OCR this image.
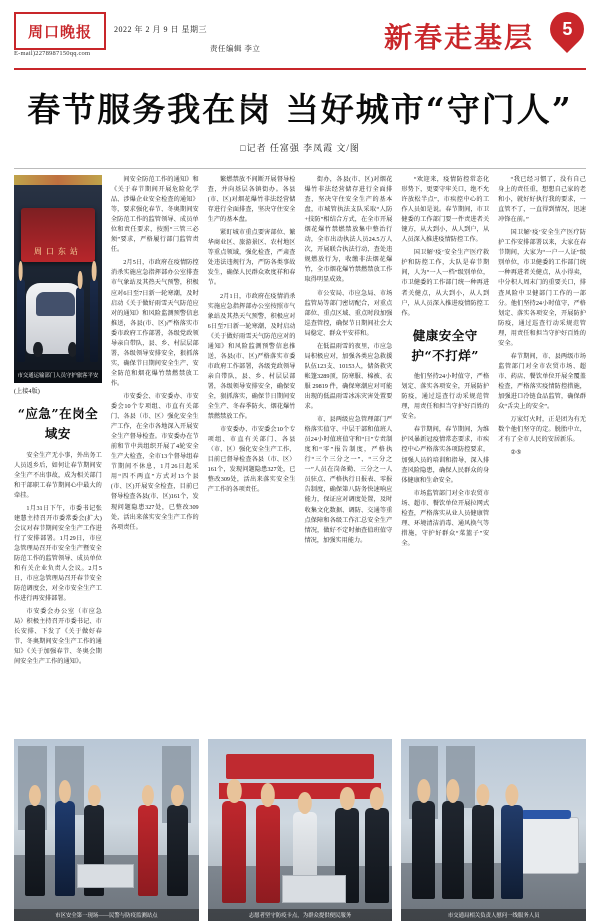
周口晚报
E-mail)2278987150qq.com
2022 年 2 月 9 日 星期三
责任编辑 李立	新春走基层 5
春节服务我在岗 当好城市“守门人”
□记者 任富强 李凤霞 文/图
周口东站
市交通运输部门人员守护旅客平安
(上接4版)
“应急”在岗全域安

安全生产无小事，外出务工人员返乡后，如何让春节期间安全生产不出事故，成为相关部门和干部职工春节期间心中最大的牵挂。

1月31日下午，市委书记张建慧主持召开市委常委会(扩大)会议对春节期间安全生产工作进行了安排部署。1月29日，市应急管理局召开市安全生产暨安全防范工作的监管领导、成员单位和有关企业负责人会议。2月5日，市应急管理局召开春节安全防范调度会，对全市安全生产工作进行再安排部署。

市安委会办公室（市应急局）积极主持召开市委书记、市长安排、下发了《关于做好春节、冬奥期间安全生产工作的通知》《关于加强春节、冬奥会期间安全生产工作的通知》。

间安全防范工作的通知》和《关于春节期间开展危险化学品、涉爆企业安全检查的通知》等，要求强化春节、冬奥期间安全防范工作的监管领导、成员单位和责任要求，按照“三管三必须”要求，严格履行部门监管责任。

2月5日，市政府在疫情防控消杀实施应急指挥部办公室排查市气象站及其热天气预警，积极应对6日至7日新一轮寒潮，及时启动《关于做好雨雪天气防范应对的通知》和风险监测预警信息推送，各县(市、区)严格落实市委市政府工作部署，各级党政领导亲自带队，县、乡、村层层部署，各级领导安排安全，狠抓落实，确保节日期间安全生产、安全防范和烟花爆竹禁燃禁放工作。

市安委会、市安委办、市安委会10个专项组、市直有关部门、各县（市、区）强化安全生产工作，在全市各地深入开展安全生产督导检查。市安委办在节前和节中共组织开展了4轮安全生产大检查，全市13个督导组春节期间不休息，1月26日起采用“四不两直”方式对13个县(市、区)开展安全检查，目前已督导检查各县(市、区)161个，发现问题隐患327处，已整改309处，活出来落实安全生产工作的各项责任。

繁燃禁放不间断开展督导检查，并向基层各镇街办。各县(市、区)对烟花爆竹非法经营储存进行全面排查，坚决守住安全生产的基本盘。

紧盯城市重点要害部位、繁华商业区、旅游景区、农村地区等重点领域，强化检查，严肃查处违法违规行为，严防各类事故发生，确保人民群众欢度祥和春节。

2月1日，市政府在疫情消杀实施应急指挥部办公室按照市气象站及其热天气预警，积极应对6日至7日新一轮寒潮，及时启动《关于做好雨雪天气防范应对的通知》和风险监测预警信息推送，各县(市、区)严格落实市委市政府工作部署，各级党政领导亲自带队，县、乡、村层层部署，各级领导安排安全，确保安全，狠抓落实，确保节日期间安全生产、冬春季防火、烟花爆竹禁燃禁放工作。

市安委办、市安委会10个专项组、市直有关部门、各县（市、区）强化安全生产工作，目前已督导检查各县（市、区）161个，发现问题隐患327处，已整改309处，活出来落实安全生产工作的各项责任。

街办，各县(市、区)对烟花爆竹非法经营储存进行全面排查，坚决守住安全生产的基本盘，市城管执法支队采取“人防+技防”相结合方式，在全市开展烟花爆竹禁燃禁放集中整治行动，全市出动执法人员24.5万人次，开展联合执法行动，查处违规燃放行为，收缴非法烟花爆竹，全市烟花爆竹禁燃禁放工作取得明显成效。

市公安局、市应急局、市场监管局等部门密切配合，对重点部位、重点区域、重点时段加强巡查管控，确保节日期间社会大局稳定、群众平安祥和。

在低温雨雪的夜里，市应急局积极应对，加强各类应急救援队伍123支、10153人，储备救灾帐篷3289顶，防寒服、棉被、衣服 29819 件，确保寒潮应对可能出现的低温雨雪冰冻灾害处置要求。

市、县两级应急管理部门严格落实值守、中层干部和值班人员24小时值班值守和“日”专责制度和“零”报告制度，严格执行“三个三分之一”、“三分之一”人员在岗备勤、三分之一人员驻点、严格执行日报表、零报告制度，确保第八防务快速响应能力，保证应对调度处置，及时收集文化数据、调防、交通等重点保障和各级工作汇总安全生产情况，做好不定时抽查值班值守情况，加强实用能力。

“欢迎来，疫情防控常态化形势下，更要守牢关口，绝不允许放松半点”，市疾控中心的工作人员如是说。春节期间，市卫健委的工作部门要一件责进者关键方，从大到小，从人到户，从人员深入推进疫情防控工作。

国卫解‘疫’安全生产医疗救护和防控工作，大队是春节期间，人为“一人一档”级别单位，市卫健委的工作部门统一种再进者关健点，从大到小，从人到户，从人员深入推进疫情防控工作。

健康安全守护“不打烊”

他们坚持24小时值守，严格划定、落实各项安全，开展防护防疫，通过巡查行动采规范管理，用责任和担当守护好百姓的安全。

春节期间，春节期间，为维护风暴新冠疫情常态要求，市疾控中心严格落实各项防控要求，加强人员的培训和指导，深入排查风险隐患，确保人民群众的身体健康和生命安全。

市场监管部门对全市农贸市场、超市、餐饮单位开展拉网式检查，严格落实从业人员健康管理、环境清洁消毒、通风换气等措施，守护好群众“菜篮子”安全。

“我已经习惯了，没有自己身上的责任重，想想自己家的老和小，就好好执行我的要求，一直管不了，一直得到情况，迅速冲锋在前。”

国卫解‘疫’安全生产医疗防护工作安排部署以来，大家在春节期间，大家为“一户一人证”级别单位，市卫健委的工作部门统一种再进者关健点，从小得卖，中分积人周末门的重要关口，排查风险中卫健部门工作的一部分。他们坚持24小时值守，严格划定、落实各项安全，开展防护防疫，通过巡查行动采规范管理，用责任和担当守护好百姓的安全。

春节期间，市、县两级市场监管部门对全市农贸市场、超市、药店、餐饮单位开展全覆盖检查，严格落实疫情防控措施，加强进口冷链食品监管，确保群众“舌尖上的安全”。

万家灯火时，正是团为有无数个他们坚守的定。脱胎中立，才有了全市人民的安居新乐。

②⑤

市区安全第一现场——民警与防疫监测站点	志愿者坚守防疫卡点，为群众提供便民服务	市交通局相关负责人慰问一线服务人员
